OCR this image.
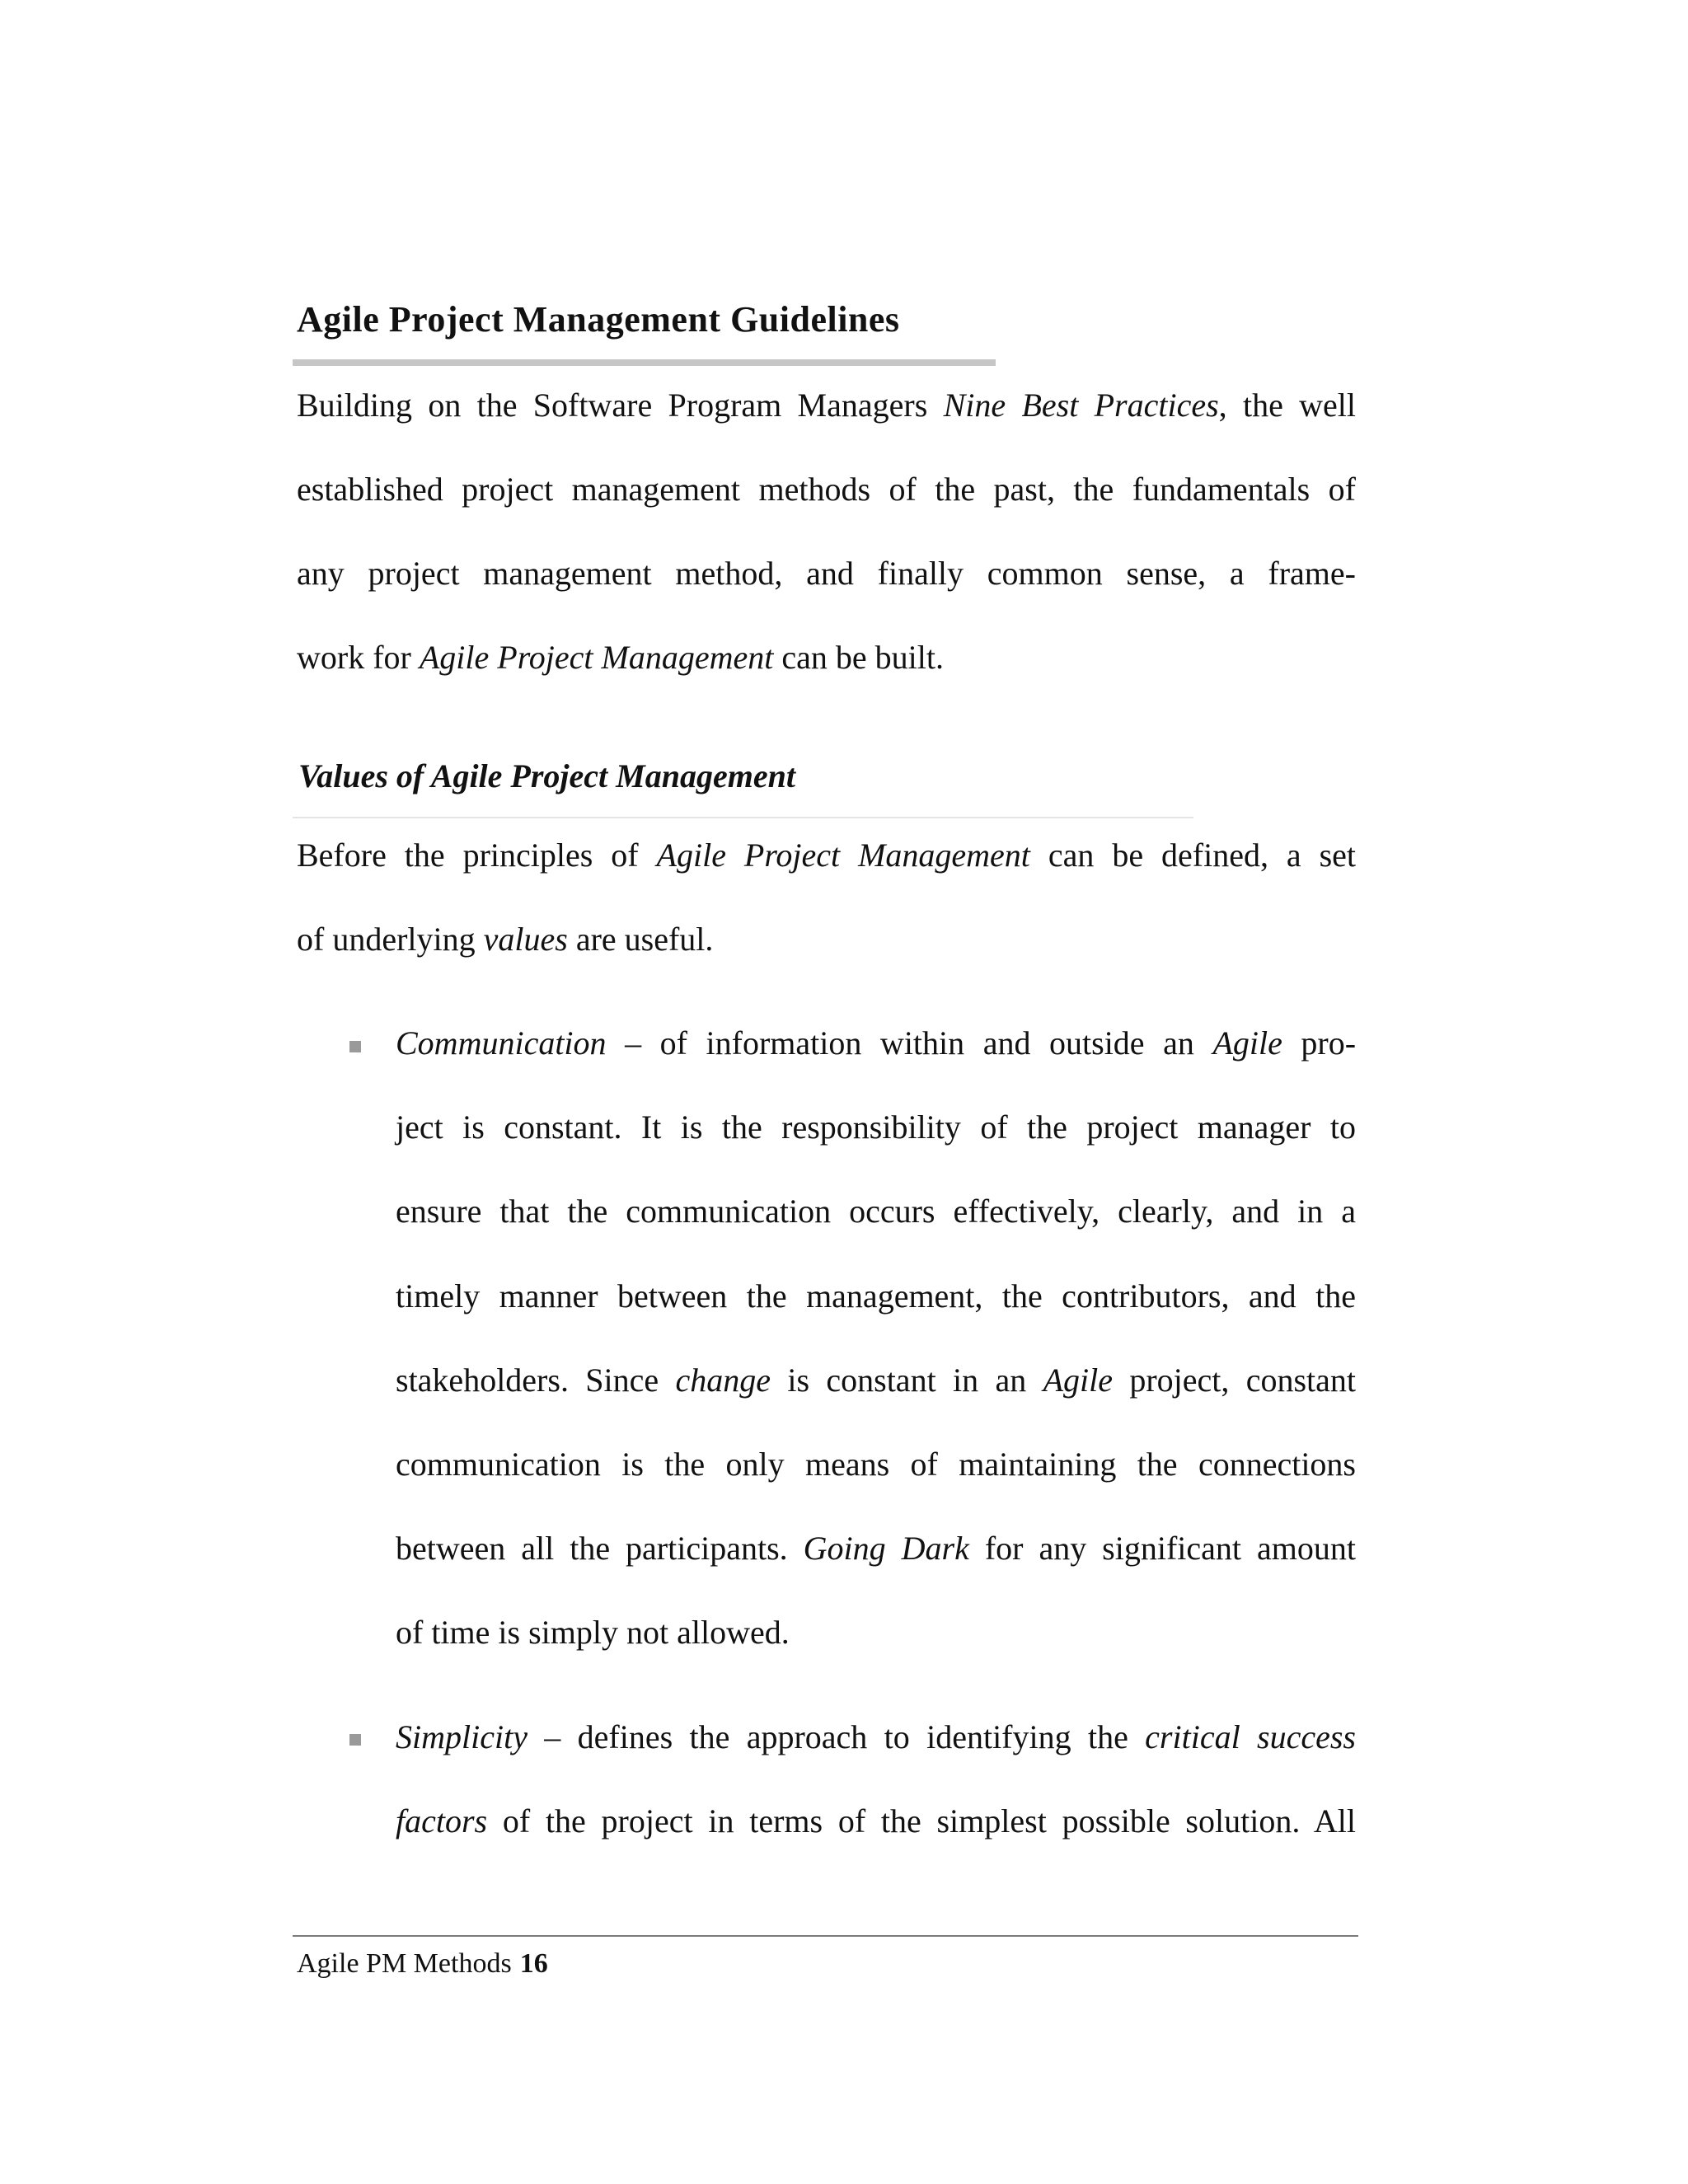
Agile Project Management Guidelines
Building on the Software Program Managers Nine Best Practices, the well
established project management methods of the past, the fundamentals of
any project management method, and finally common sense, a frame-
work for Agile Project Management can be built.
Values of Agile Project Management
Before the principles of Agile Project Management can be defined, a set
of underlying values are useful.
Communication – of information within and outside an Agile pro-
ject is constant. It is the responsibility of the project manager to
ensure that the communication occurs effectively, clearly, and in a
timely manner between the management, the contributors, and the
stakeholders. Since change is constant in an Agile project, constant
communication is the only means of maintaining the connections
between all the participants. Going Dark for any significant amount
of time is simply not allowed.
Simplicity – defines the approach to identifying the critical success
factors of the project in terms of the simplest possible solution. All
Agile PM Methods 16
